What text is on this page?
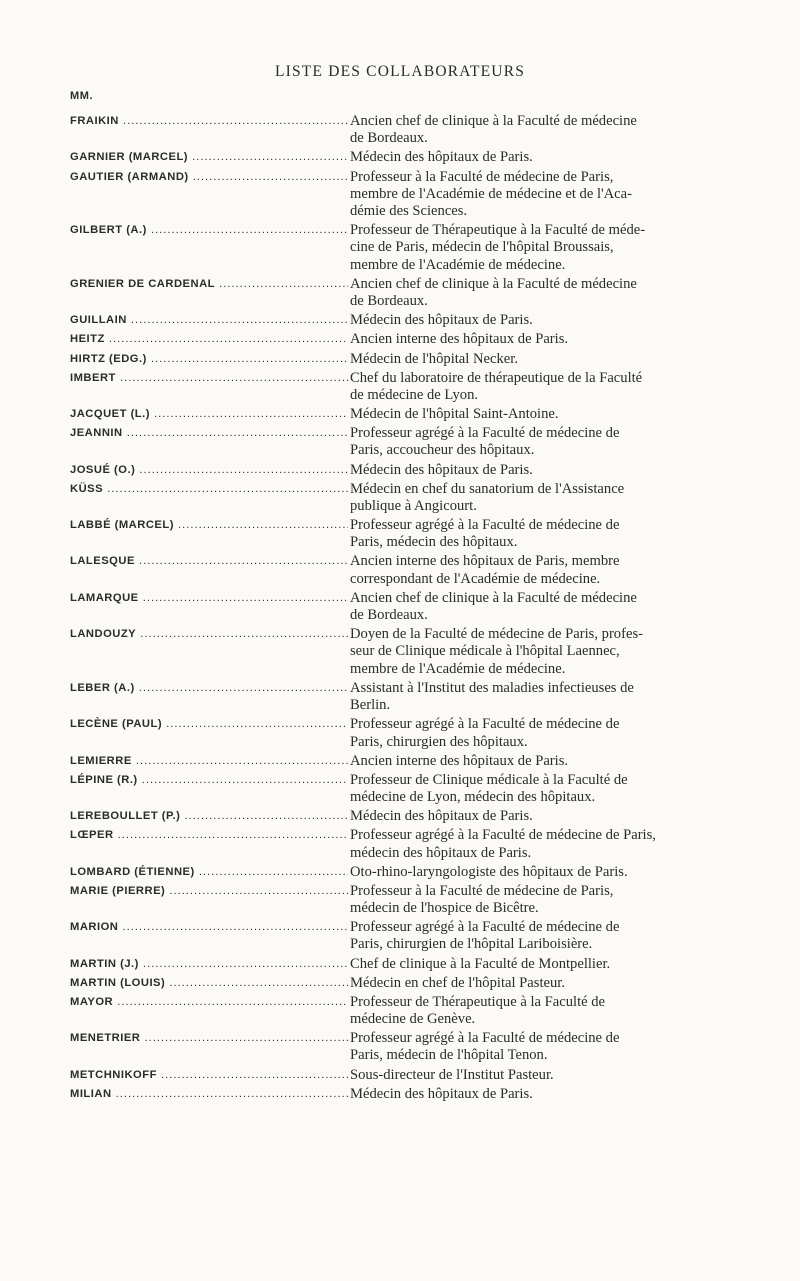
LISTE DES COLLABORATEURS
MM.
FRAIKIN .....	Ancien chef de clinique à la Faculté de médecine
de Bordeaux.
GARNIER (MARCEL) .....	Médecin des hôpitaux de Paris.
GAUTIER (ARMAND) .....	Professeur à la Faculté de médecine de Paris,
membre de l'Académie de médecine et de l'Aca-
démie des Sciences.
GILBERT (A.) .....	Professeur de Thérapeutique à la Faculté de méde-
cine de Paris, médecin de l'hôpital Broussais,
membre de l'Académie de médecine.
GRENIER DE CARDENAL .....	Ancien chef de clinique à la Faculté de médecine
de Bordeaux.
GUILLAIN .....	Médecin des hôpitaux de Paris.
HEITZ .....	Ancien interne des hôpitaux de Paris.
HIRTZ (EDG.) .....	Médecin de l'hôpital Necker.
IMBERT .....	Chef du laboratoire de thérapeutique de la Faculté
de médecine de Lyon.
JACQUET (L.) .....	Médecin de l'hôpital Saint-Antoine.
JEANNIN .....	Professeur agrégé à la Faculté de médecine de
Paris, accoucheur des hôpitaux.
JOSUÉ (O.) .....	Médecin des hôpitaux de Paris.
KÜSS .....	Médecin en chef du sanatorium de l'Assistance
publique à Angicourt.
LABBÉ (MARCEL) .....	Professeur agrégé à la Faculté de médecine de
Paris, médecin des hôpitaux.
LALESQUE .....	Ancien interne des hôpitaux de Paris, membre
correspondant de l'Académie de médecine.
LAMARQUE .....	Ancien chef de clinique à la Faculté de médecine
de Bordeaux.
LANDOUZY .....	Doyen de la Faculté de médecine de Paris, profes-
seur de Clinique médicale à l'hôpital Laennec,
membre de l'Académie de médecine.
LEBER (A.) .....	Assistant à l'Institut des maladies infectieuses de
Berlin.
LECÈNE (PAUL) .....	Professeur agrégé à la Faculté de médecine de
Paris, chirurgien des hôpitaux.
LEMIERRE .....	Ancien interne des hôpitaux de Paris.
LÉPINE (R.) .....	Professeur de Clinique médicale à la Faculté de
médecine de Lyon, médecin des hôpitaux.
LEREBOULLET (P.) .....	Médecin des hôpitaux de Paris.
LŒPER .....	Professeur agrégé à la Faculté de médecine de Paris,
médecin des hôpitaux de Paris.
LOMBARD (ÉTIENNE) .....	Oto-rhino-laryngologiste des hôpitaux de Paris.
MARIE (PIERRE) .....	Professeur à la Faculté de médecine de Paris,
médecin de l'hospice de Bicêtre.
MARION .....	Professeur agrégé à la Faculté de médecine de
Paris, chirurgien de l'hôpital Lariboisière.
MARTIN (J.) .....	Chef de clinique à la Faculté de Montpellier.
MARTIN (LOUIS) .....	Médecin en chef de l'hôpital Pasteur.
MAYOR .....	Professeur de Thérapeutique à la Faculté de
médecine de Genève.
MENETRIER .....	Professeur agrégé à la Faculté de médecine de
Paris, médecin de l'hôpital Tenon.
METCHNIKOFF .....	Sous-directeur de l'Institut Pasteur.
MILIAN .....	Médecin des hôpitaux de Paris.
